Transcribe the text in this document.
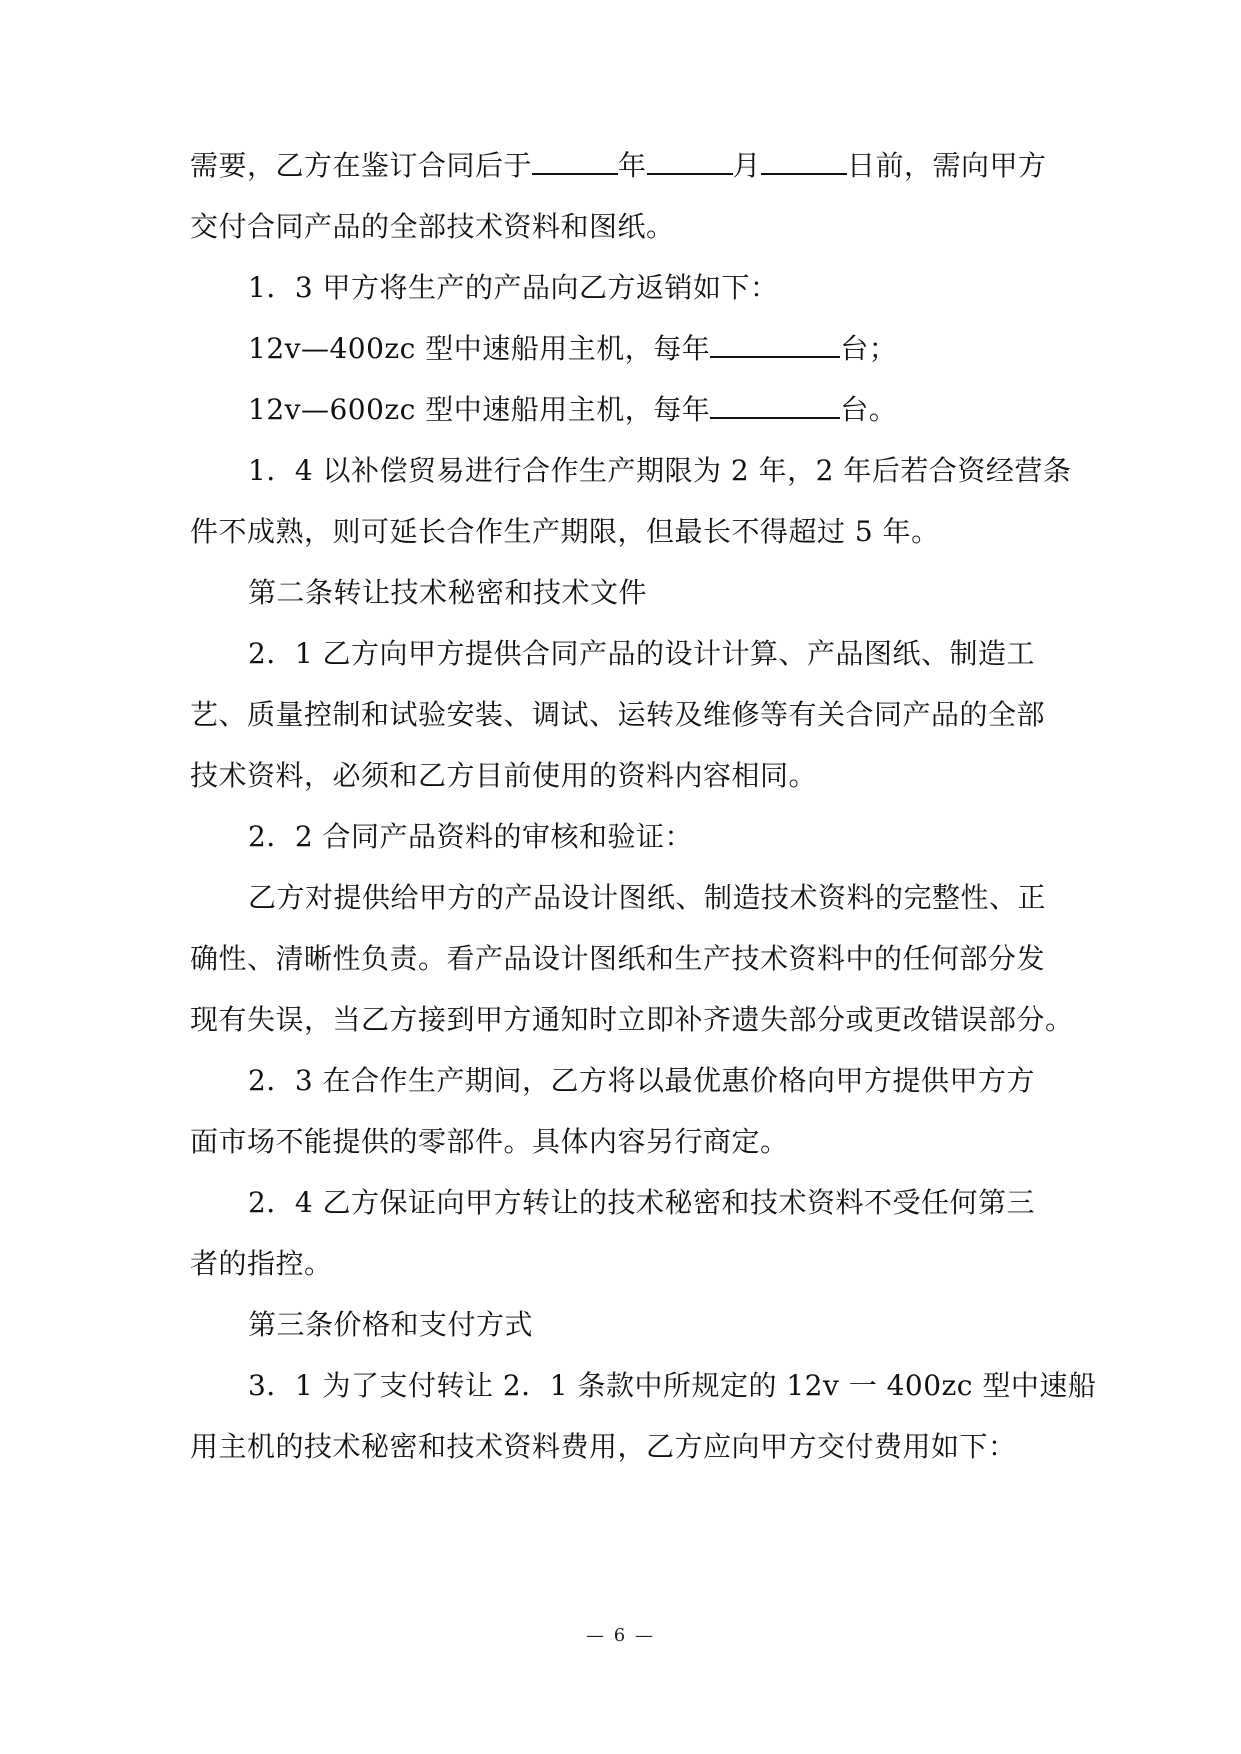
需要，乙方在鉴订合同后于	年	月	日前，需向甲方
交付合同产品的全部技术资料和图纸。
1．3 甲方将生产的产品向乙方返销如下：
12v—400zc 型中速船用主机，每年	台；
12v—600zc 型中速船用主机，每年	台。
1．4 以补偿贸易进行合作生产期限为 2 年，2 年后若合资经营条
件不成熟，则可延长合作生产期限，但最长不得超过 5 年。
第二条转让技术秘密和技术文件
2．1 乙方向甲方提供合同产品的设计计算、产品图纸、制造工
艺、质量控制和试验安装、调试、运转及维修等有关合同产品的全部
技术资料，必须和乙方目前使用的资料内容相同。
2．2 合同产品资料的审核和验证：
乙方对提供给甲方的产品设计图纸、制造技术资料的完整性、正
确性、清晰性负责。看产品设计图纸和生产技术资料中的任何部分发
现有失误，当乙方接到甲方通知时立即补齐遗失部分或更改错误部分。
2．3 在合作生产期间，乙方将以最优惠价格向甲方提供甲方方
面市场不能提供的零部件。具体内容另行商定。
2．4 乙方保证向甲方转让的技术秘密和技术资料不受任何第三
者的指控。
第三条价格和支付方式
3．1 为了支付转让 2．1 条款中所规定的 12v 一 400zc 型中速船
用主机的技术秘密和技术资料费用，乙方应向甲方交付费用如下：
— 6 —
